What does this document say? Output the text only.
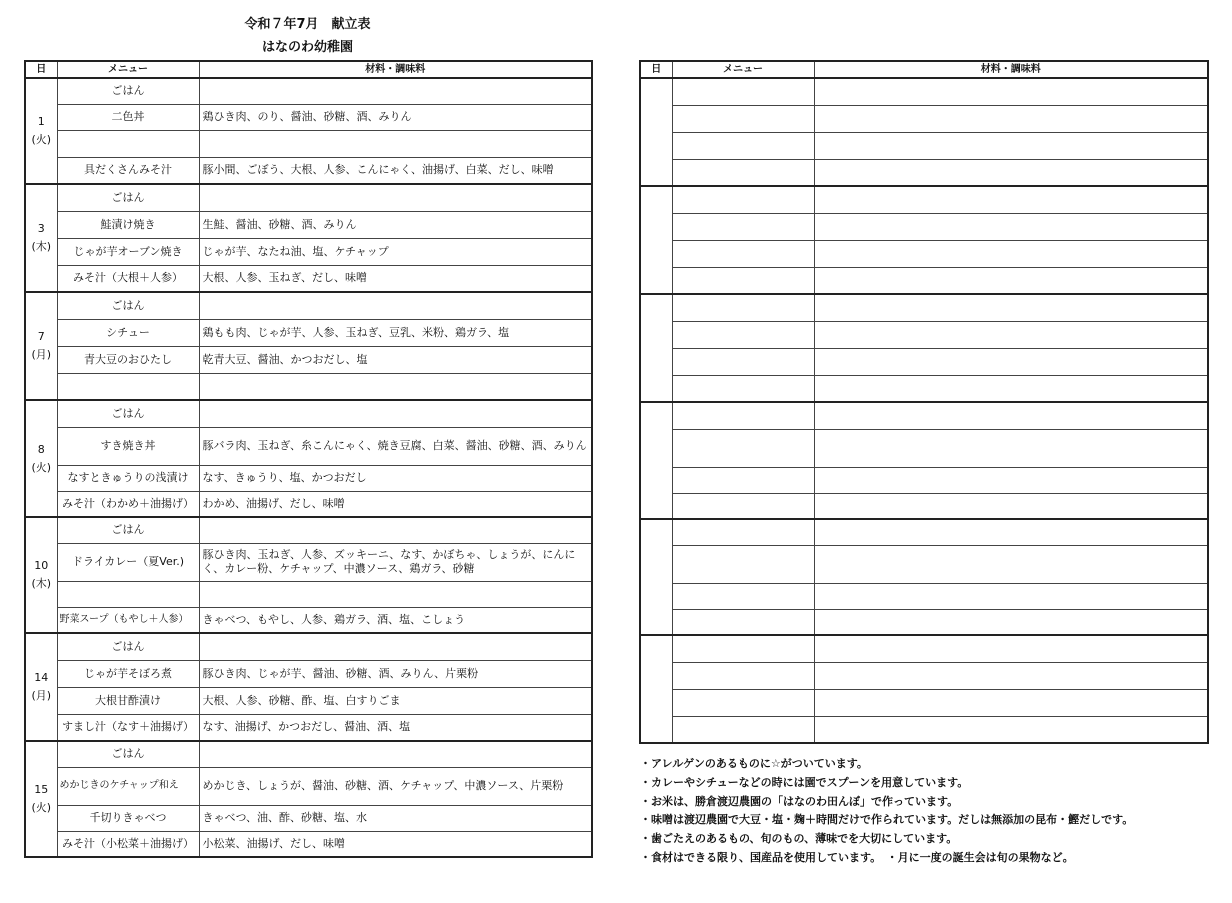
令和７年7月　献立表
はなのわ幼稚園
日	メニュー	材料・調味料

1
(火)	ごはん	
	二色丼	鶏ひき肉、のり、醤油、砂糖、酒、みりん

	具だくさんみそ汁	豚小間、ごぼう、大根、人参、こんにゃく、油揚げ、白菜、だし、味噌

3
(木)	ごはん	
	鮭漬け焼き	生鮭、醤油、砂糖、酒、みりん
	じゃが芋オーブン焼き	じゃが芋、なたね油、塩、ケチャップ
	みそ汁（大根＋人参）	大根、人参、玉ねぎ、だし、味噌

7
(月)	ごはん	
	シチュー	鶏もも肉、じゃが芋、人参、玉ねぎ、豆乳、米粉、鶏ガラ、塩
	青大豆のおひたし	乾青大豆、醤油、かつおだし、塩

8
(火)	ごはん	
	すき焼き丼	豚バラ肉、玉ねぎ、糸こんにゃく、焼き豆腐、白菜、醤油、砂糖、酒、みりん
	なすときゅうりの浅漬け	なす、きゅうり、塩、かつおだし
	みそ汁（わかめ＋油揚げ）	わかめ、油揚げ、だし、味噌

10
(木)	ごはん	
	ドライカレー（夏Ver.)	豚ひき肉、玉ねぎ、人参、ズッキーニ、なす、かぼちゃ、しょうが、にんにく、カレー粉、ケチャップ、中濃ソース、鶏ガラ、砂糖

	野菜スープ（もやし＋人参）	きゃべつ、もやし、人参、鶏ガラ、酒、塩、こしょう

14
(月)	ごはん	
	じゃが芋そぼろ煮	豚ひき肉、じゃが芋、醤油、砂糖、酒、みりん、片栗粉
	大根甘酢漬け	大根、人参、砂糖、酢、塩、白すりごま
	すまし汁（なす＋油揚げ）	なす、油揚げ、かつおだし、醤油、酒、塩

15
(火)	ごはん	
	めかじきのケチャップ和え	めかじき、しょうが、醤油、砂糖、酒、ケチャップ、中濃ソース、片栗粉
	千切りきゃべつ	きゃべつ、油、酢、砂糖、塩、水
	みそ汁（小松菜＋油揚げ）	小松菜、油揚げ、だし、味噌
日	メニュー	材料・調味料

・アレルゲンのあるものに☆がついています。
・カレーやシチューなどの時には園でスプーンを用意しています。
・お米は、勝倉渡辺農園の「はなのわ田んぼ」で作っています。
・味噌は渡辺農園で大豆・塩・麹＋時間だけで作られています。だしは無添加の昆布・鰹だしです。
・歯ごたえのあるもの、旬のもの、薄味でを大切にしています。
・食材はできる限り、国産品を使用しています。　・月に一度の誕生会は旬の果物など。
